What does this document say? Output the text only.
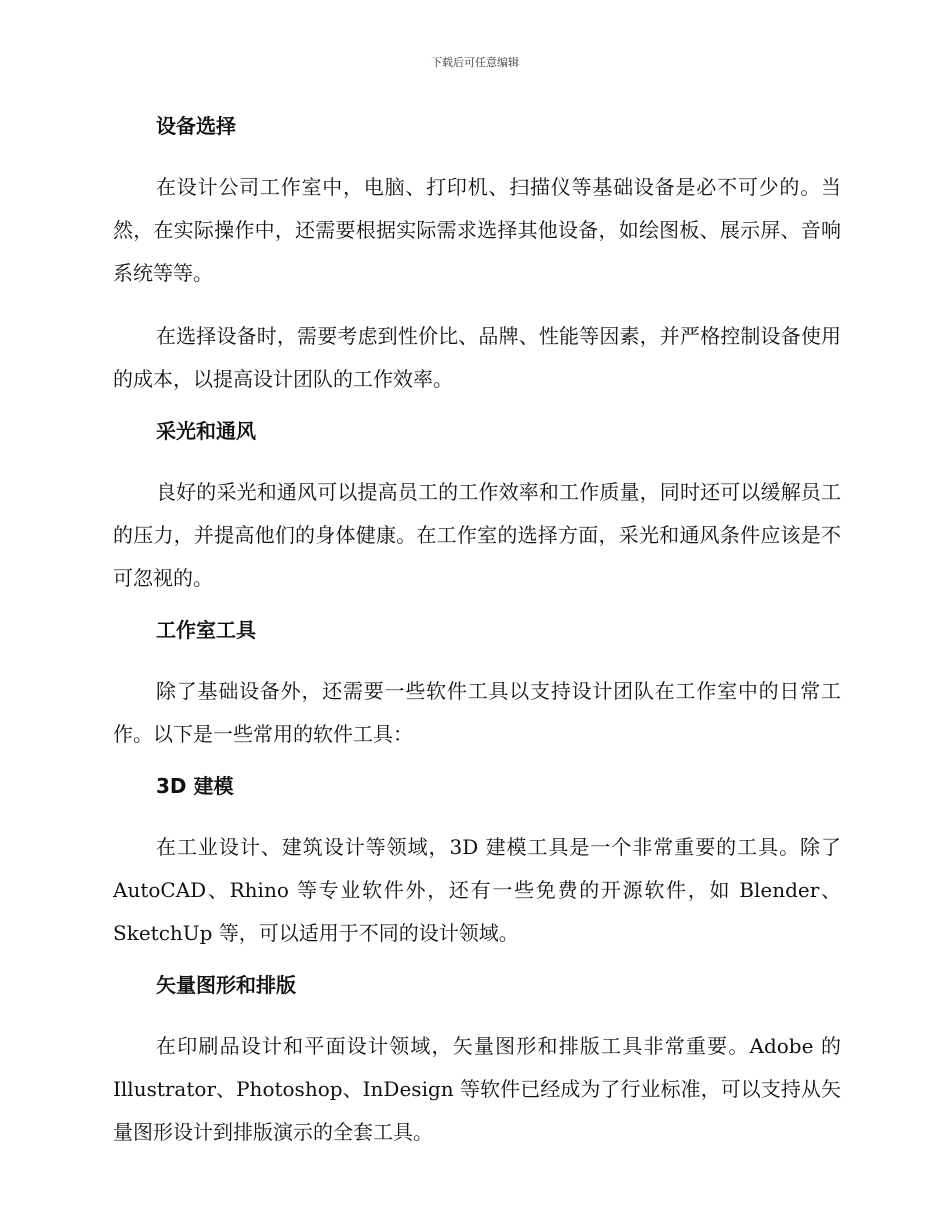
下载后可任意编辑
设备选择

在设计公司工作室中，电脑、打印机、扫描仪等基础设备是必不可少的。当然，在实际操作中，还需要根据实际需求选择其他设备，如绘图板、展示屏、音响系统等等。

在选择设备时，需要考虑到性价比、品牌、性能等因素，并严格控制设备使用的成本，以提高设计团队的工作效率。

采光和通风

良好的采光和通风可以提高员工的工作效率和工作质量，同时还可以缓解员工的压力，并提高他们的身体健康。在工作室的选择方面，采光和通风条件应该是不可忽视的。

工作室工具

除了基础设备外，还需要一些软件工具以支持设计团队在工作室中的日常工作。以下是一些常用的软件工具：

3D 建模

在工业设计、建筑设计等领域，3D 建模工具是一个非常重要的工具。除了 AutoCAD、Rhino 等专业软件外，还有一些免费的开源软件，如 Blender、SketchUp 等，可以适用于不同的设计领域。

矢量图形和排版

在印刷品设计和平面设计领域，矢量图形和排版工具非常重要。Adobe 的 Illustrator、Photoshop、InDesign 等软件已经成为了行业标准，可以支持从矢量图形设计到排版演示的全套工具。
